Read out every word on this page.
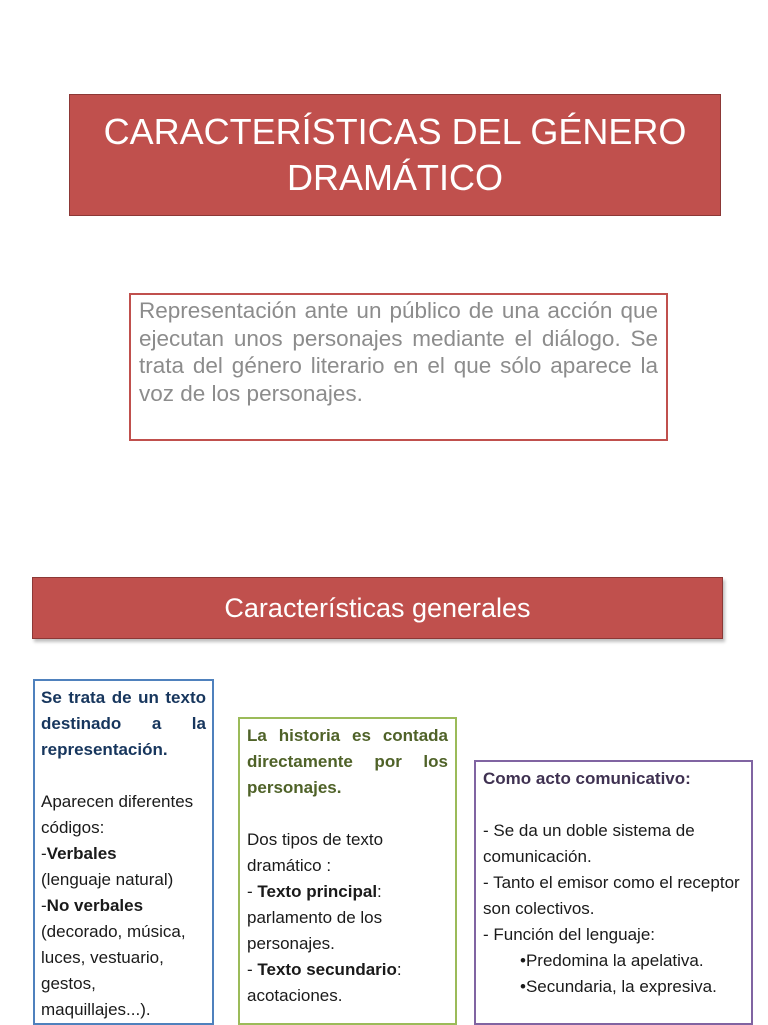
CARACTERÍSTICAS DEL GÉNERO DRAMÁTICO
Representación ante un público de una acción que ejecutan unos personajes mediante el diálogo. Se trata del género literario en el que sólo aparece la voz de los personajes.
Características generales

Se trata de un texto destinado a la representación.

Aparecen diferentes códigos:

-Verbales

(lenguaje natural)

-No verbales

(decorado, música, luces, vestuario, gestos, maquillajes...).

La historia es contada directamente por los personajes.

Dos tipos de texto dramático :

- Texto principal: parlamento de los personajes.

- Texto secundario: acotaciones.

Como acto comunicativo:

- Se da un doble sistema de comunicación.

- Tanto el emisor como el receptor son colectivos.

- Función del lenguaje:

•Predomina la apelativa.

•Secundaria, la expresiva.
